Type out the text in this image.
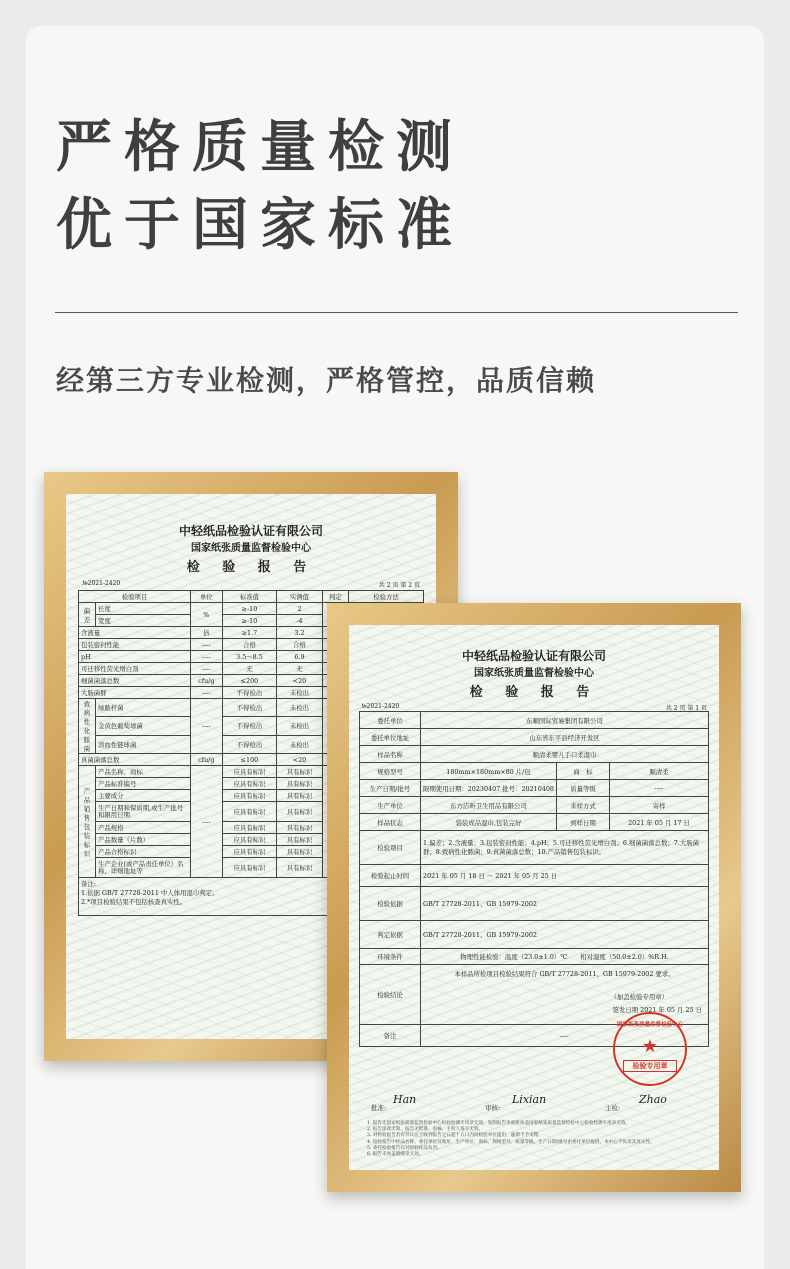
严格质量检测
优于国家标准
经第三方专业检测，严格管控，品质信赖
中轻纸品检验认证有限公司
国家纸张质量监督检验中心
检 验 报 告
№2021-2420	共 2 页 第 2 页
检验项目		单位	标准值	实测值	判定	检验方法
偏差	长度	%	≥-10	2		
	宽度		≥-10	-4		
含液量		倍	≥1.7	3.2	
包装密封性能		----	合格	合格	
pH		----	3.5～8.5	6.9	
可迁移性荧光增白剂		----	无	无	
细菌菌落总数		cfu/g	≤200	<20	
大肠菌群		----	不得检出	未检出	
致病性化脓菌	绿脓杆菌	----	不得检出	未检出	
	金黄色葡萄球菌		不得检出	未检出		
	溶血性链球菌		不得检出	未检出		
真菌菌落总数		cfu/g	≤100	<20	
产品销售包装标识	产品名称、商标	----	应具有标识	具有标识	
	产品标准编号		应具有标识	具有标识		
	主要成分		应具有标识	具有标识		
	生产日期和保质期,或生产批号和限用日期		应具有标识	具有标识		
	产品规格		应具有标识	具有标识		
	产品数量（片数）		应具有标识	具有标识		
	产品合格标识		应具有标识	具有标识		
	生产企业(或产品责任单位）名称、详细地址等		应具有标识	具有标识		

备注:
1.依据 GB/T 27728-2011 中人体用湿巾判定。
2.*项目检验结果不包括核查真实性。						
中轻纸品检验认证有限公司
国家纸张质量监督检验中心
检 验 报 告
№2021-2420	共 2 页 第 1 页
委托单位	东顺国际贸易集团有限公司		
委托单位地址	山东省东平县经济开发区		
样品名称	顺清柔婴儿手口柔湿巾		
规格型号	180mm×180mm×80 片/包	商　标	顺清柔
生产日期/批号	限期使用日期：20230407 批号：20210408	质量等级	----
生产单位	东方洁昕卫生用品有限公司	来样方式	寄样
样品状态	袋装成品湿巾,包装完好	到样日期	2021 年 05 月 17 日
检验项目	1.偏差；2.含液量；3.包装密封性能；4.pH；5.可迁移性荧光增白剂；6.细菌菌落总数；7.大肠菌群；8.致病性化脓菌；9.真菌菌落总数；10.产品销售包装标识。		
检验起止时间	2021 年 05 月 18 日 ～ 2021 年 05 月 25 日		
检验依据	GB/T 27728-2011、GB 15979-2002		
判定依据	GB/T 27728-2011、GB 15979-2002		
环境条件	物理性能检验：温度（23.0±1.0）℃　　相对湿度（50.0±2.0）%R.H.		
检验结论	本样品所检项目检验结果符合 GB/T 27728-2011、GB 15979-2002 要求。
（加盖检验专用章）
签发日期 2021 年 05 月 25 日		

备注	----		
国家纸张质量监督检验中心
★
检验专用章
批准:
Han
审核:
Lixian
主检:
Zhao
1. 报告无国家纸张质量监督检验中心检验检测专用章无效，复制报告未重新加盖国家纸张质量监督检验中心检验检测专用章无效。
2. 报告涂改无效，报告无批准、审核、主检人签字无效。
3. 对检验报告若有异议应于收到报告之日起十五日内向检验单位提出，逾期不予受理。
4. 检验报告中样品名称、委托单位及地址、生产单位、商标、规格型号、质量等级、生产日期/批号由委托单位提供，本中心不负责其真实性。
5. 委托检验报告仅对检验样品负责。
6. 报告未加盖骑缝章无效。
